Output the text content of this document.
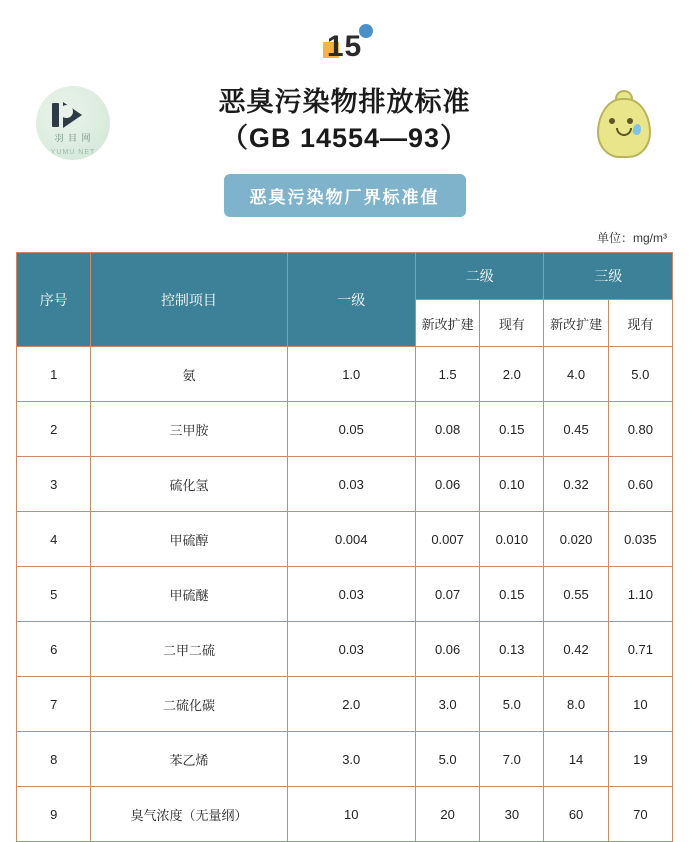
15
羽 目 网
YUMU NET
恶臭污染物排放标准
（GB 14554—93）
恶臭污染物厂界标准值
单位：mg/m³
序号	控制项目	一级	二级		三级	
			新改扩建	现有	新改扩建	现有
1	氨	1.0	1.5	2.0	4.0	5.0
2	三甲胺	0.05	0.08	0.15	0.45	0.80
3	硫化氢	0.03	0.06	0.10	0.32	0.60
4	甲硫醇	0.004	0.007	0.010	0.020	0.035
5	甲硫醚	0.03	0.07	0.15	0.55	1.10
6	二甲二硫	0.03	0.06	0.13	0.42	0.71
7	二硫化碳	2.0	3.0	5.0	8.0	10
8	苯乙烯	3.0	5.0	7.0	14	19
9	臭气浓度（无量纲）	10	20	30	60	70
